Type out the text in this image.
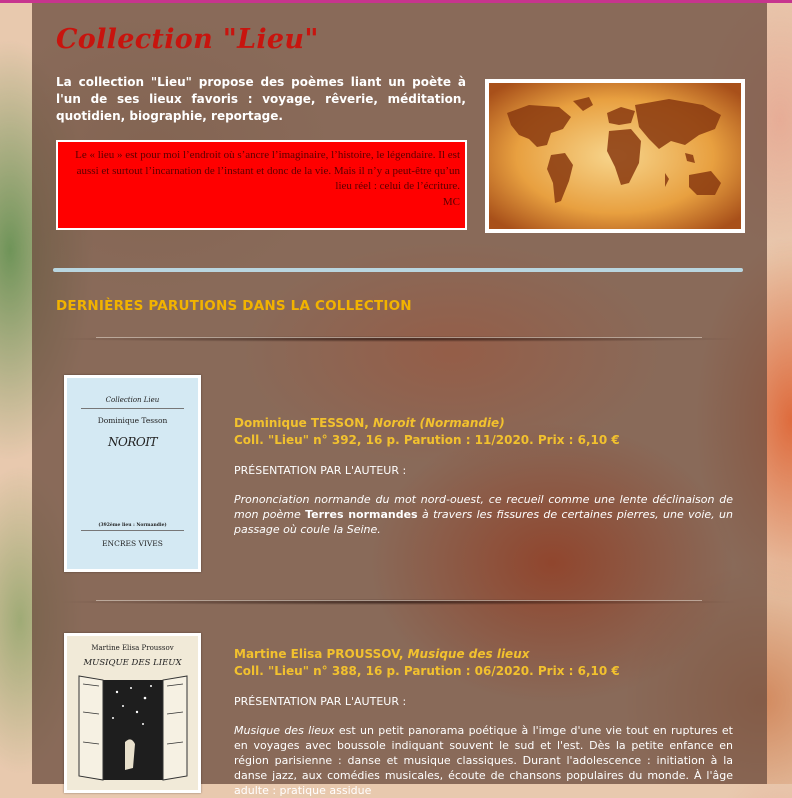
Collection "Lieu"

La collection "Lieu" propose des poèmes liant un poète à l'un de ses lieux favoris : voyage, rêverie, méditation, quotidien, biographie, reportage.

Le « lieu » est pour moi l’endroit où s’ancre l’imaginaire, l’histoire, le légendaire. Il est aussi et surtout l’incarnation de l’instant et donc de la vie. Mais il n’y a peut-être qu’un lieu réel : celui de l’écriture.

MC

DERNIÈRES PARUTIONS DANS LA COLLECTION
Collection Lieu
Dominique Tesson
NOROIT
(392ème lieu : Normandie)
ENCRES VIVES

Dominique TESSON, Noroit (Normandie)

Coll. "Lieu" n° 392, 16 p. Parution : 11/2020. Prix : 6,10 €

PRÉSENTATION PAR L'AUTEUR :

Prononciation normande du mot nord-ouest, ce recueil comme une lente déclinaison de mon poème Terres normandes à travers les fissures de certaines pierres, une voie, un passage où coule la Seine.

Martine Elisa Proussov
MUSIQUE DES LIEUX

Martine Elisa PROUSSOV, Musique des lieux

Coll. "Lieu" n° 388, 16 p. Parution : 06/2020. Prix : 6,10 €

PRÉSENTATION PAR L'AUTEUR :

Musique des lieux est un petit panorama poétique à l'imge d'une vie tout en ruptures et en voyages avec boussole indiquant souvent le sud et l'est. Dès la petite enfance en région parisienne : danse et musique classiques. Durant l'adolescence : initiation à la danse jazz, aux comédies musicales, écoute de chansons populaires du monde. À l'âge adulte : pratique assidue
